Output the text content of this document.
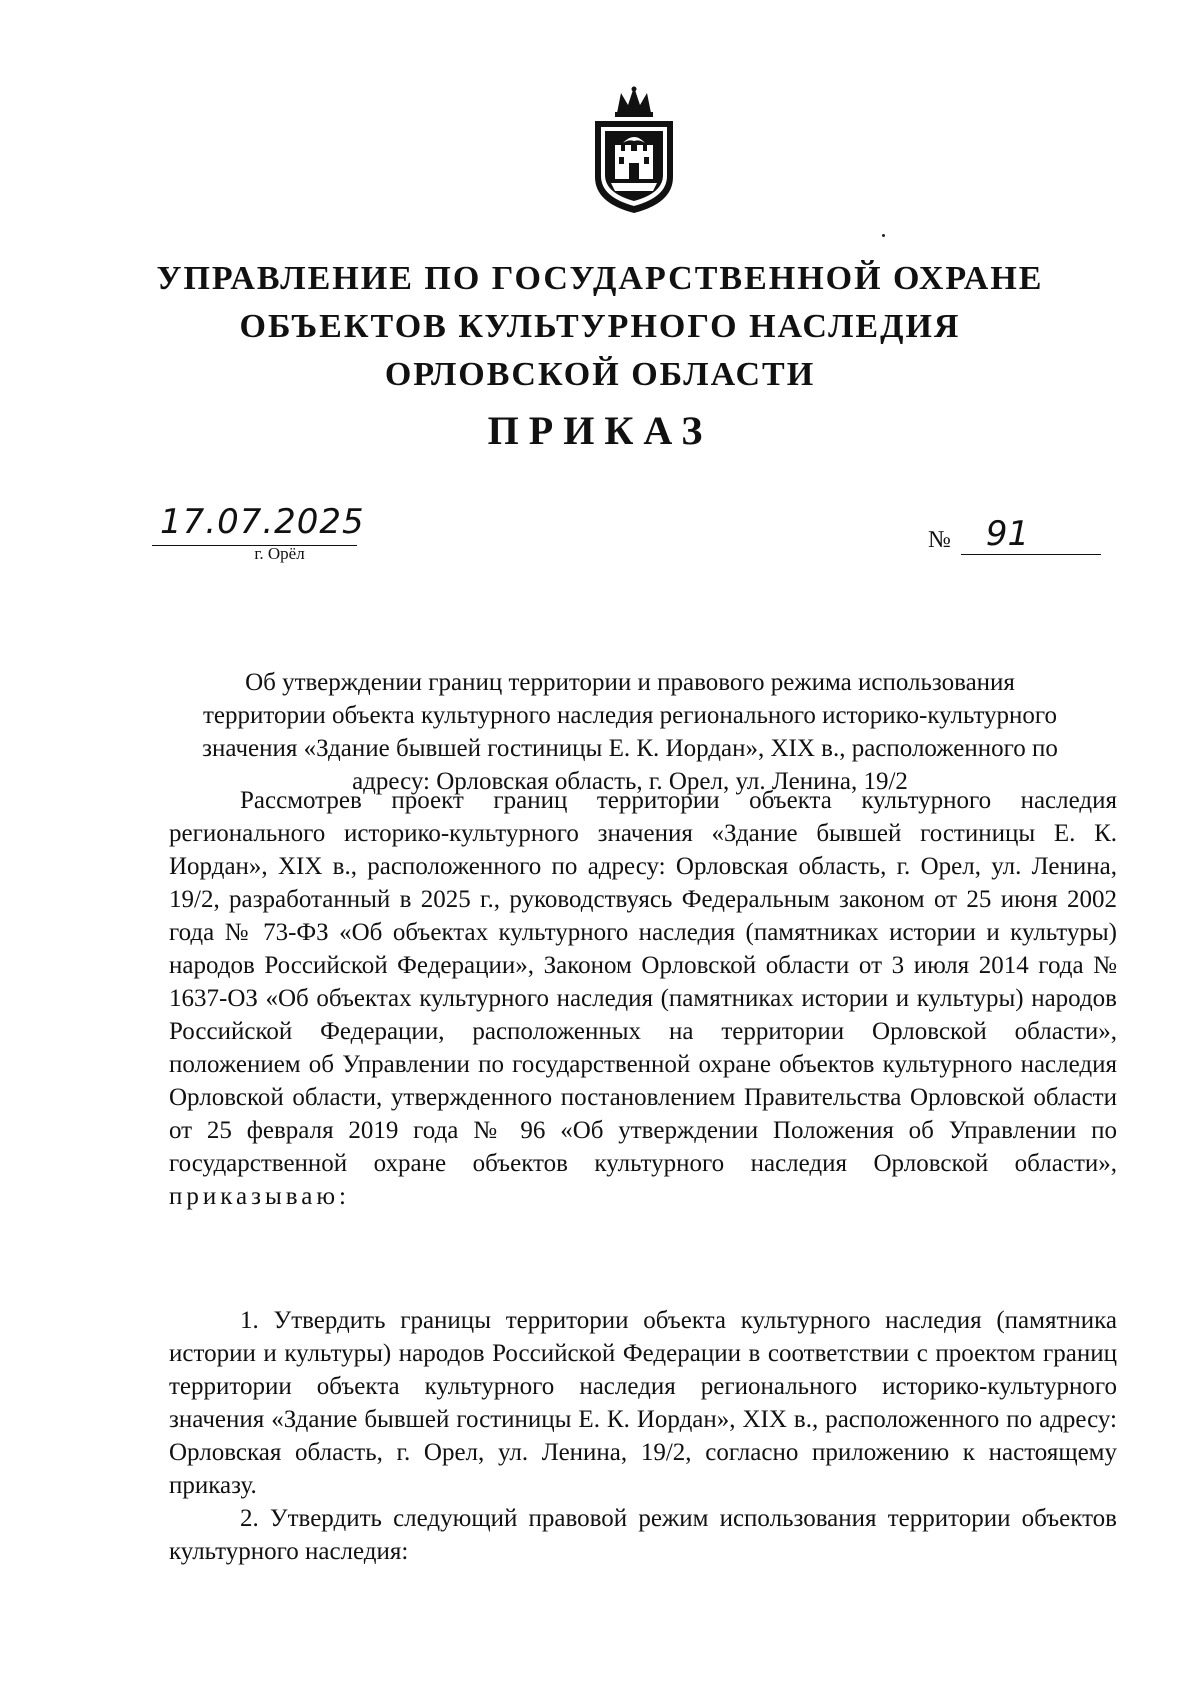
УПРАВЛЕНИЕ ПО ГОСУДАРСТВЕННОЙ ОХРАНЕ
ОБЪЕКТОВ КУЛЬТУРНОГО НАСЛЕДИЯ
ОРЛОВСКОЙ ОБЛАСТИ
ПРИКАЗ
17.07.2025
г. Орёл
№	91
Об утверждении границ территории и правового режима использования
территории объекта культурного наследия регионального историко-культурного
значения «Здание бывшей гостиницы Е. К. Иордан», XIX в., расположенного по
адресу: Орловская область, г. Орел, ул. Ленина, 19/2

Рассмотрев проект границ территории объекта культурного наследия регионального историко-культурного значения «Здание бывшей гостиницы Е. К. Иордан», XIX в., расположенного по адресу: Орловская область, г. Орел, ул. Ленина, 19/2, разработанный в 2025 г., руководствуясь Федеральным законом от 25 июня 2002 года № 73-ФЗ «Об объектах культурного наследия (памятниках истории и культуры) народов Российской Федерации», Законом Орловской области от 3 июля 2014 года № 1637-ОЗ «Об объектах культурного наследия (памятниках истории и культуры) народов Российской Федерации, расположенных на территории Орловской области», положением об Управлении по государственной охране объектов культурного наследия Орловской области, утвержденного постановлением Правительства Орловской области от 25 февраля 2019 года № 96 «Об утверждении Положения об Управлении по государственной охране объектов культурного наследия Орловской области», приказываю:

1. Утвердить границы территории объекта культурного наследия (памятника истории и культуры) народов Российской Федерации в соответствии с проектом границ территории объекта культурного наследия регионального историко-культурного значения «Здание бывшей гостиницы Е. К. Иордан», XIX в., расположенного по адресу: Орловская область, г. Орел, ул. Ленина, 19/2, согласно приложению к настоящему приказу.

2. Утвердить следующий правовой режим использования территории объектов культурного наследия:
